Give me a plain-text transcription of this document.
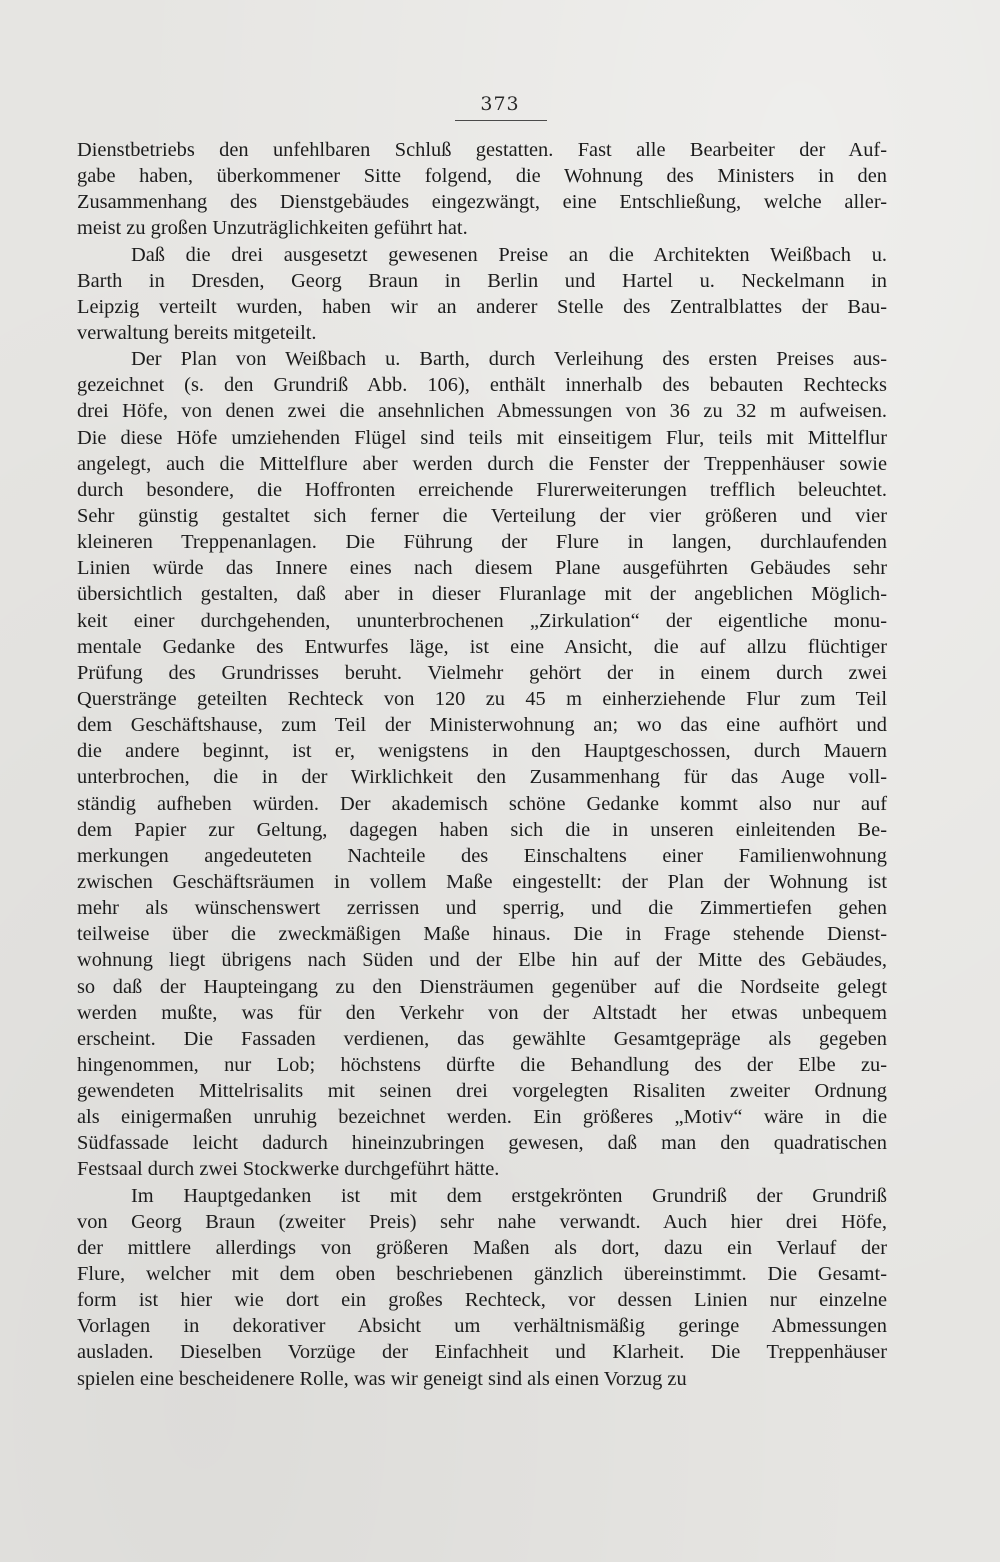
373
Dienstbetriebs den unfehlbaren Schluß gestatten. Fast alle Bearbeiter der Auf-
gabe haben, überkommener Sitte folgend, die Wohnung des Ministers in den
Zusammenhang des Dienstgebäudes eingezwängt, eine Entschließung, welche aller-
meist zu großen Unzuträglichkeiten geführt hat.
Daß die drei ausgesetzt gewesenen Preise an die Architekten Weißbach u.
Barth in Dresden, Georg Braun in Berlin und Hartel u. Neckelmann in
Leipzig verteilt wurden, haben wir an anderer Stelle des Zentralblattes der Bau-
verwaltung bereits mitgeteilt.
Der Plan von Weißbach u. Barth, durch Verleihung des ersten Preises aus-
gezeichnet (s. den Grundriß Abb. 106), enthält innerhalb des bebauten Rechtecks
drei Höfe, von denen zwei die ansehnlichen Abmessungen von 36 zu 32 m aufweisen.
Die diese Höfe umziehenden Flügel sind teils mit einseitigem Flur, teils mit Mittelflur
angelegt, auch die Mittelflure aber werden durch die Fenster der Treppenhäuser sowie
durch besondere, die Hoffronten erreichende Flurerweiterungen trefflich beleuchtet.
Sehr günstig gestaltet sich ferner die Verteilung der vier größeren und vier
kleineren Treppenanlagen. Die Führung der Flure in langen, durchlaufenden
Linien würde das Innere eines nach diesem Plane ausgeführten Gebäudes sehr
übersichtlich gestalten, daß aber in dieser Fluranlage mit der angeblichen Möglich-
keit einer durchgehenden, ununterbrochenen „Zirkulation“ der eigentliche monu-
mentale Gedanke des Entwurfes läge, ist eine Ansicht, die auf allzu flüchtiger
Prüfung des Grundrisses beruht. Vielmehr gehört der in einem durch zwei
Querstränge geteilten Rechteck von 120 zu 45 m einherziehende Flur zum Teil
dem Geschäftshause, zum Teil der Ministerwohnung an; wo das eine aufhört und
die andere beginnt, ist er, wenigstens in den Hauptgeschossen, durch Mauern
unterbrochen, die in der Wirklichkeit den Zusammenhang für das Auge voll-
ständig aufheben würden. Der akademisch schöne Gedanke kommt also nur auf
dem Papier zur Geltung, dagegen haben sich die in unseren einleitenden Be-
merkungen angedeuteten Nachteile des Einschaltens einer Familienwohnung
zwischen Geschäftsräumen in vollem Maße eingestellt: der Plan der Wohnung ist
mehr als wünschenswert zerrissen und sperrig, und die Zimmertiefen gehen
teilweise über die zweckmäßigen Maße hinaus. Die in Frage stehende Dienst-
wohnung liegt übrigens nach Süden und der Elbe hin auf der Mitte des Gebäudes,
so daß der Haupteingang zu den Diensträumen gegenüber auf die Nordseite gelegt
werden mußte, was für den Verkehr von der Altstadt her etwas unbequem
erscheint. Die Fassaden verdienen, das gewählte Gesamtgepräge als gegeben
hingenommen, nur Lob; höchstens dürfte die Behandlung des der Elbe zu-
gewendeten Mittelrisalits mit seinen drei vorgelegten Risaliten zweiter Ordnung
als einigermaßen unruhig bezeichnet werden. Ein größeres „Motiv“ wäre in die
Südfassade leicht dadurch hineinzubringen gewesen, daß man den quadratischen
Festsaal durch zwei Stockwerke durchgeführt hätte.
Im Hauptgedanken ist mit dem erstgekrönten Grundriß der Grundriß
von Georg Braun (zweiter Preis) sehr nahe verwandt. Auch hier drei Höfe,
der mittlere allerdings von größeren Maßen als dort, dazu ein Verlauf der
Flure, welcher mit dem oben beschriebenen gänzlich übereinstimmt. Die Gesamt-
form ist hier wie dort ein großes Rechteck, vor dessen Linien nur einzelne
Vorlagen in dekorativer Absicht um verhältnismäßig geringe Abmessungen
ausladen. Dieselben Vorzüge der Einfachheit und Klarheit. Die Treppenhäuser
spielen eine bescheidenere Rolle, was wir geneigt sind als einen Vorzug zu
